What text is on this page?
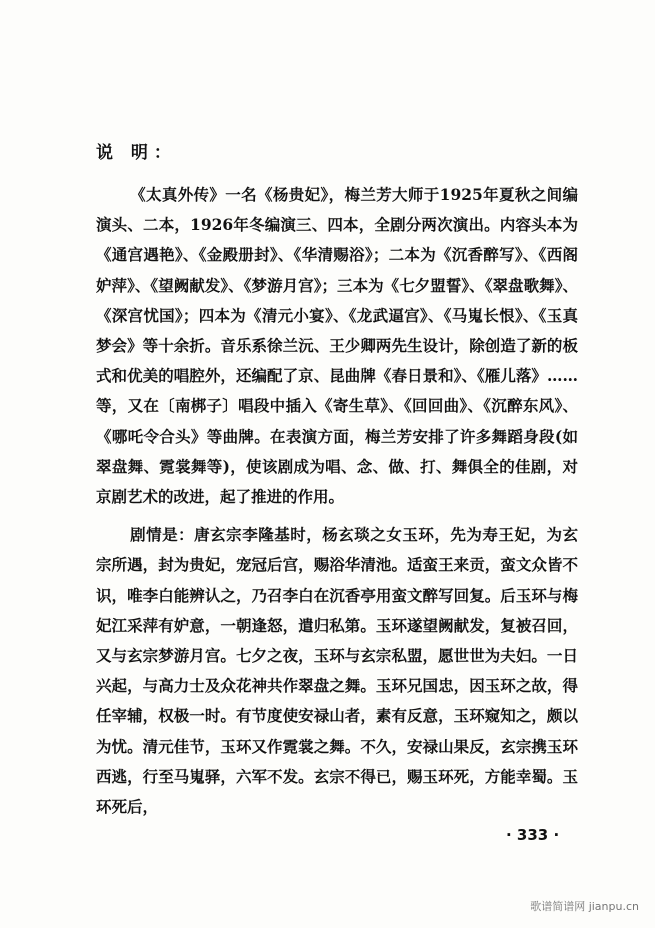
说 明：

《太真外传》一名《杨贵妃》，梅兰芳大师于1925年夏秋之间编演头、二本，1926年冬编演三、四本，全剧分两次演出。内容头本为《通宫遇艳》、《金殿册封》、《华清赐浴》；二本为《沉香醉写》、《西阁妒萍》、《望阙献发》、《梦游月宫》；三本为《七夕盟誓》、《翠盘歌舞》、《深宫忧国》；四本为《清元小宴》、《龙武逼宫》、《马嵬长恨》、《玉真梦会》等十余折。音乐系徐兰沅、王少卿两先生设计，除创造了新的板式和优美的唱腔外，还编配了京、昆曲牌《春日景和》、《雁儿落》……等，又在〔南梆子〕唱段中插入《寄生草》、《回回曲》、《沉醉东风》、《哪吒令合头》等曲牌。在表演方面，梅兰芳安排了许多舞蹈身段(如翠盘舞、霓裳舞等)，使该剧成为唱、念、做、打、舞俱全的佳剧，对京剧艺术的改进，起了推进的作用。

剧情是：唐玄宗李隆基时，杨玄琰之女玉环，先为寿王妃，为玄宗所遇，封为贵妃，宠冠后宫，赐浴华清池。适蛮王来贡，蛮文众皆不识，唯李白能辨认之，乃召李白在沉香亭用蛮文醉写回复。后玉环与梅妃江采萍有妒意，一朝逢怒，遣归私第。玉环遂望阙献发，复被召回，又与玄宗梦游月宫。七夕之夜，玉环与玄宗私盟，愿世世为夫妇。一日兴起，与高力士及众花神共作翠盘之舞。玉环兄国忠，因玉环之故，得任宰辅，权极一时。有节度使安禄山者，素有反意，玉环窥知之，颇以为忧。清元佳节，玉环又作霓裳之舞。不久，安禄山果反，玄宗携玉环西逃，行至马嵬驿，六军不发。玄宗不得已，赐玉环死，方能幸蜀。玉环死后，

· 333 ·
歌谱简谱网 jianpu.cn
